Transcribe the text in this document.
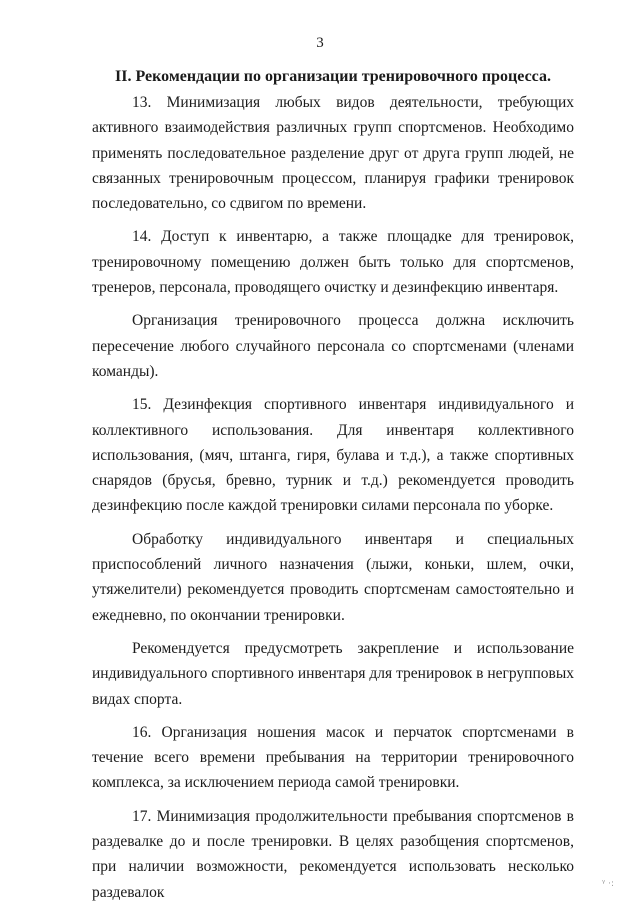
3
II. Рекомендации по организации тренировочного процесса.

13. Минимизация любых видов деятельности, требующих активного взаимодействия различных групп спортсменов. Необходимо применять последовательное разделение друг от друга групп людей, не связанных тренировочным процессом, планируя графики тренировок последовательно, со сдвигом по времени.

14. Доступ к инвентарю, а также площадке для тренировок, тренировочному помещению должен быть только для спортсменов, тренеров, персонала, проводящего очистку и дезинфекцию инвентаря.

Организация тренировочного процесса должна исключить пересечение любого случайного персонала со спортсменами (членами команды).

15. Дезинфекция спортивного инвентаря индивидуального и коллективного использования. Для инвентаря коллективного использования, (мяч, штанга, гиря, булава и т.д.), а также спортивных снарядов (брусья, бревно, турник и т.д.) рекомендуется проводить дезинфекцию после каждой тренировки силами персонала по уборке.

Обработку индивидуального инвентаря и специальных приспособлений личного назначения (лыжи, коньки, шлем, очки, утяжелители) рекомендуется проводить спортсменам самостоятельно и ежедневно, по окончании тренировки.

Рекомендуется предусмотреть закрепление и использование индивидуального спортивного инвентаря для тренировок в негрупповых видах спорта.

16. Организация ношения масок и перчаток спортсменами в течение всего времени пребывания на территории тренировочного комплекса, за исключением периода самой тренировки.

17. Минимизация продолжительности пребывания спортсменов в раздевалке до и после тренировки. В целях разобщения спортсменов, при наличии возможности, рекомендуется использовать несколько раздевалок	ᵞ ·:
